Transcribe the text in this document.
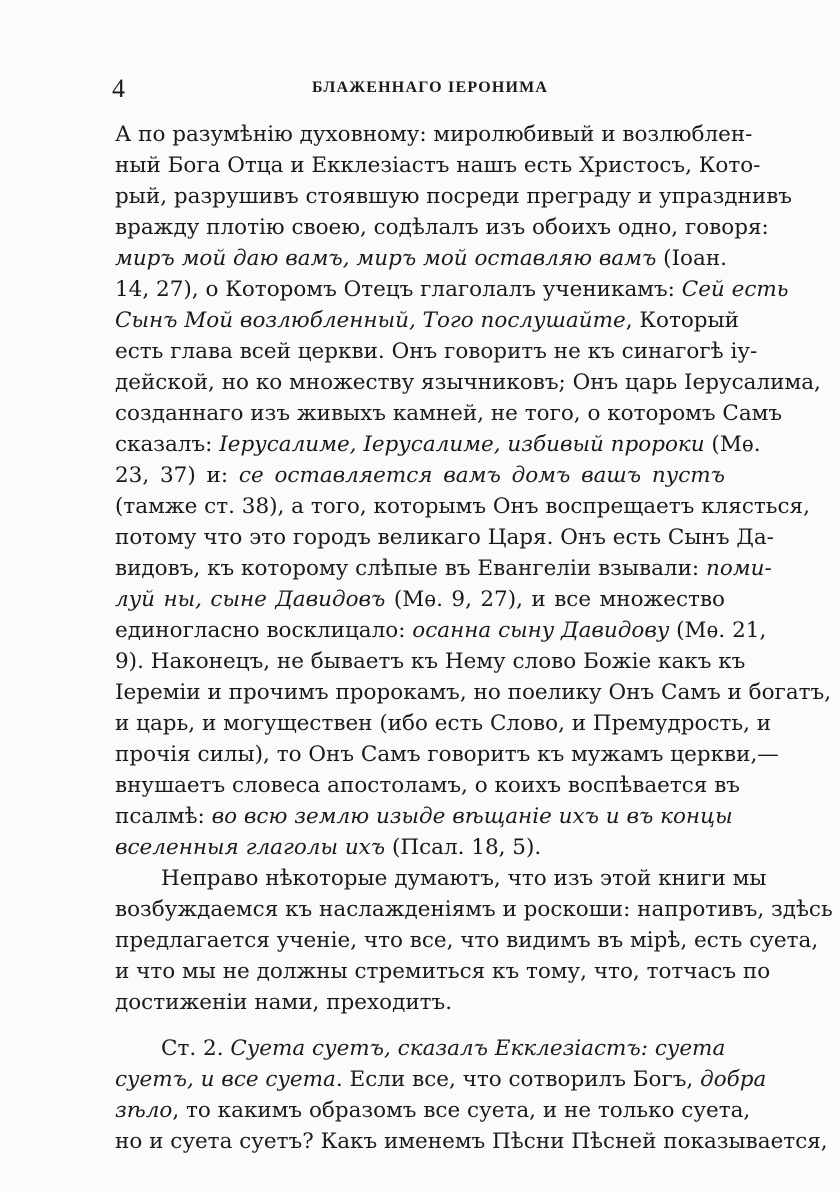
4	БЛАЖЕННАГО ІЕРОНИМА
А по разумѣнію духовному: миролюбивый и возлюблен-
ный Бога Отца и Екклезіастъ нашъ есть Христосъ, Кото-
рый, разрушивъ стоявшую посреди преграду и упразднивъ
вражду плотію своею, содѣлалъ изъ обоихъ одно, говоря:
миръ мой даю вамъ, миръ мой оставляю вамъ (Іоан.
14, 27), о Которомъ Отецъ глаголалъ ученикамъ: Сей есть
Сынъ Мой возлюбленный, Того послушайте, Который
есть глава всей церкви. Онъ говоритъ не къ синагогѣ іу-
дейской, но ко множеству язычниковъ; Онъ царь Іерусалима,
созданнаго изъ живыхъ камней, не того, о которомъ Самъ
сказалъ: Іерусалиме, Іерусалиме, избивый пророки (Мѳ.
23, 37) и: се оставляется вамъ домъ вашъ пустъ
(тамже ст. 38), а того, которымъ Онъ воспрещаетъ клясться,
потому что это городъ великаго Царя. Онъ есть Сынъ Да-
видовъ, къ которому слѣпые въ Евангеліи взывали: поми-
луй ны, сыне Давидовъ (Мѳ. 9, 27), и все множество
единогласно восклицало: осанна сыну Давидову (Мѳ. 21,
9). Наконецъ, не бываетъ къ Нему слово Божіе какъ къ
Іереміи и прочимъ пророкамъ, но поелику Онъ Самъ и богатъ,
и царь, и могуществен (ибо есть Слово, и Премудрость, и
прочія силы), то Онъ Самъ говоритъ къ мужамъ церкви,—
внушаетъ словеса апостоламъ, о коихъ воспѣвается въ
псалмѣ: во всю землю изыде вѣщаніе ихъ и въ концы
вселенныя глаголы ихъ (Псал. 18, 5).
Неправо нѣкоторые думаютъ, что изъ этой книги мы
возбуждаемся къ наслажденіямъ и роскоши: напротивъ, здѣсь
предлагается ученіе, что все, что видимъ въ мірѣ, есть суета,
и что мы не должны стремиться къ тому, что, тотчасъ по
достиженіи нами, преходитъ.
Ст. 2. Суета суетъ, сказалъ Екклезіастъ: суета
суетъ, и все суета. Если все, что сотворилъ Богъ, добра
зѣло, то какимъ образомъ все суета, и не только суета,
но и суета суетъ? Какъ именемъ Пѣсни Пѣсней показывается,
